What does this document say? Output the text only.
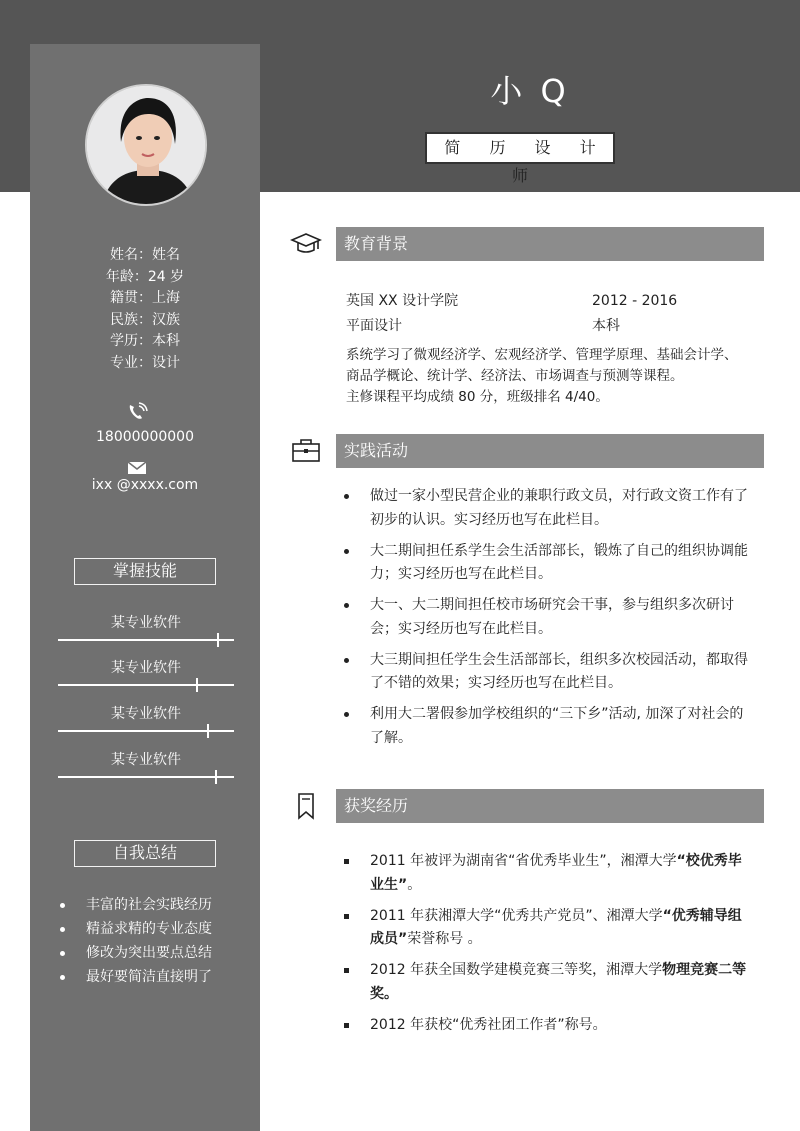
小 Q
简 历 设 计 师
姓名：姓名
年龄：24 岁
籍贯：上海
民族：汉族
学历：本科
专业：设计
18000000000
ixx @xxxx.com
掌握技能
某专业软件
某专业软件
某专业软件
某专业软件
自我总结
丰富的社会实践经历
精益求精的专业态度
修改为突出要点总结
最好要简洁直接明了
教育背景
英国 XX 设计学院	2012 - 2016
平面设计	本科
系统学习了微观经济学、宏观经济学、管理学原理、基础会计学、
商品学概论、统计学、经济法、市场调查与预测等课程。
主修课程平均成绩 80 分，班级排名 4/40。
实践活动
做过一家小型民营企业的兼职行政文员，对行政文资工作有了初步的认识。实习经历也写在此栏目。
大二期间担任系学生会生活部部长，锻炼了自己的组织协调能力；实习经历也写在此栏目。
大一、大二期间担任校市场研究会干事，参与组织多次研讨会；实习经历也写在此栏目。
大三期间担任学生会生活部部长，组织多次校园活动，都取得了不错的效果；实习经历也写在此栏目。
利用大二署假参加学校组织的“三下乡”活动, 加深了对社会的了解。
获奖经历
2011 年被评为湖南省“省优秀毕业生”，湘潭大学“校优秀毕业生”。
2011 年获湘潭大学“优秀共产党员”、湘潭大学“优秀辅导组成员”荣誉称号 。
2012 年获全国数学建模竞赛三等奖，湘潭大学物理竞赛二等奖。
2012 年获校“优秀社团工作者”称号。
